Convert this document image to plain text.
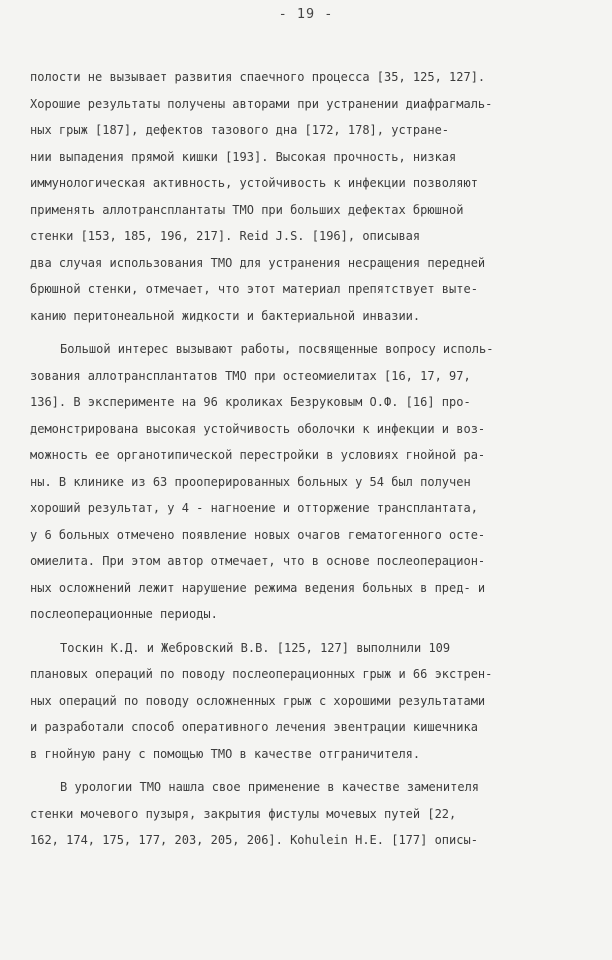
- 19 -
полости не вызывает развития спаечного процесса [35, 125, 127].
Хорошие результаты получены авторами при устранении диафрагмаль-
ных грыж [187], дефектов тазового дна [172, 178], устране-
нии выпадения прямой кишки [193]. Высокая прочность, низкая
иммунологическая активность, устойчивость к инфекции позволяют
применять аллотрансплантаты ТМО при больших дефектах брюшной
стенки [153, 185, 196, 217]. Reid J.S. [196], описывая
два случая использования ТМО для устранения несращения передней
брюшной стенки, отмечает, что этот материал препятствует выте-
канию перитонеальной жидкости и бактериальной инвазии.
Большой интерес вызывают работы, посвященные вопросу исполь-
зования аллотрансплантатов ТМО при остеомиелитах [16, 17, 97,
136]. В эксперименте на 96 кроликах Безруковым О.Ф. [16] про-
демонстрирована высокая устойчивость оболочки к инфекции и воз-
можность ее органотипической перестройки в условиях гнойной ра-
ны. В клинике из 63 прооперированных больных у 54 был получен
хороший результат, у 4 - нагноение и отторжение трансплантата,
у 6 больных отмечено появление новых очагов гематогенного осте-
омиелита. При этом автор отмечает, что в основе послеоперацион-
ных осложнений лежит нарушение режима ведения больных в пред- и
послеоперационные периоды.
Тоскин К.Д. и Жебровский В.В. [125, 127] выполнили 109
плановых операций по поводу послеоперационных грыж и 66 экстрен-
ных операций по поводу осложненных грыж с хорошими результатами
и разработали способ оперативного лечения эвентрации кишечника
в гнойную рану с помощью ТМО в качестве отграничителя.
В урологии ТМО нашла свое применение в качестве заменителя
стенки мочевого пузыря, закрытия фистулы мочевых путей [22,
162, 174, 175, 177, 203, 205, 206]. Kohulein H.E. [177] описы-
